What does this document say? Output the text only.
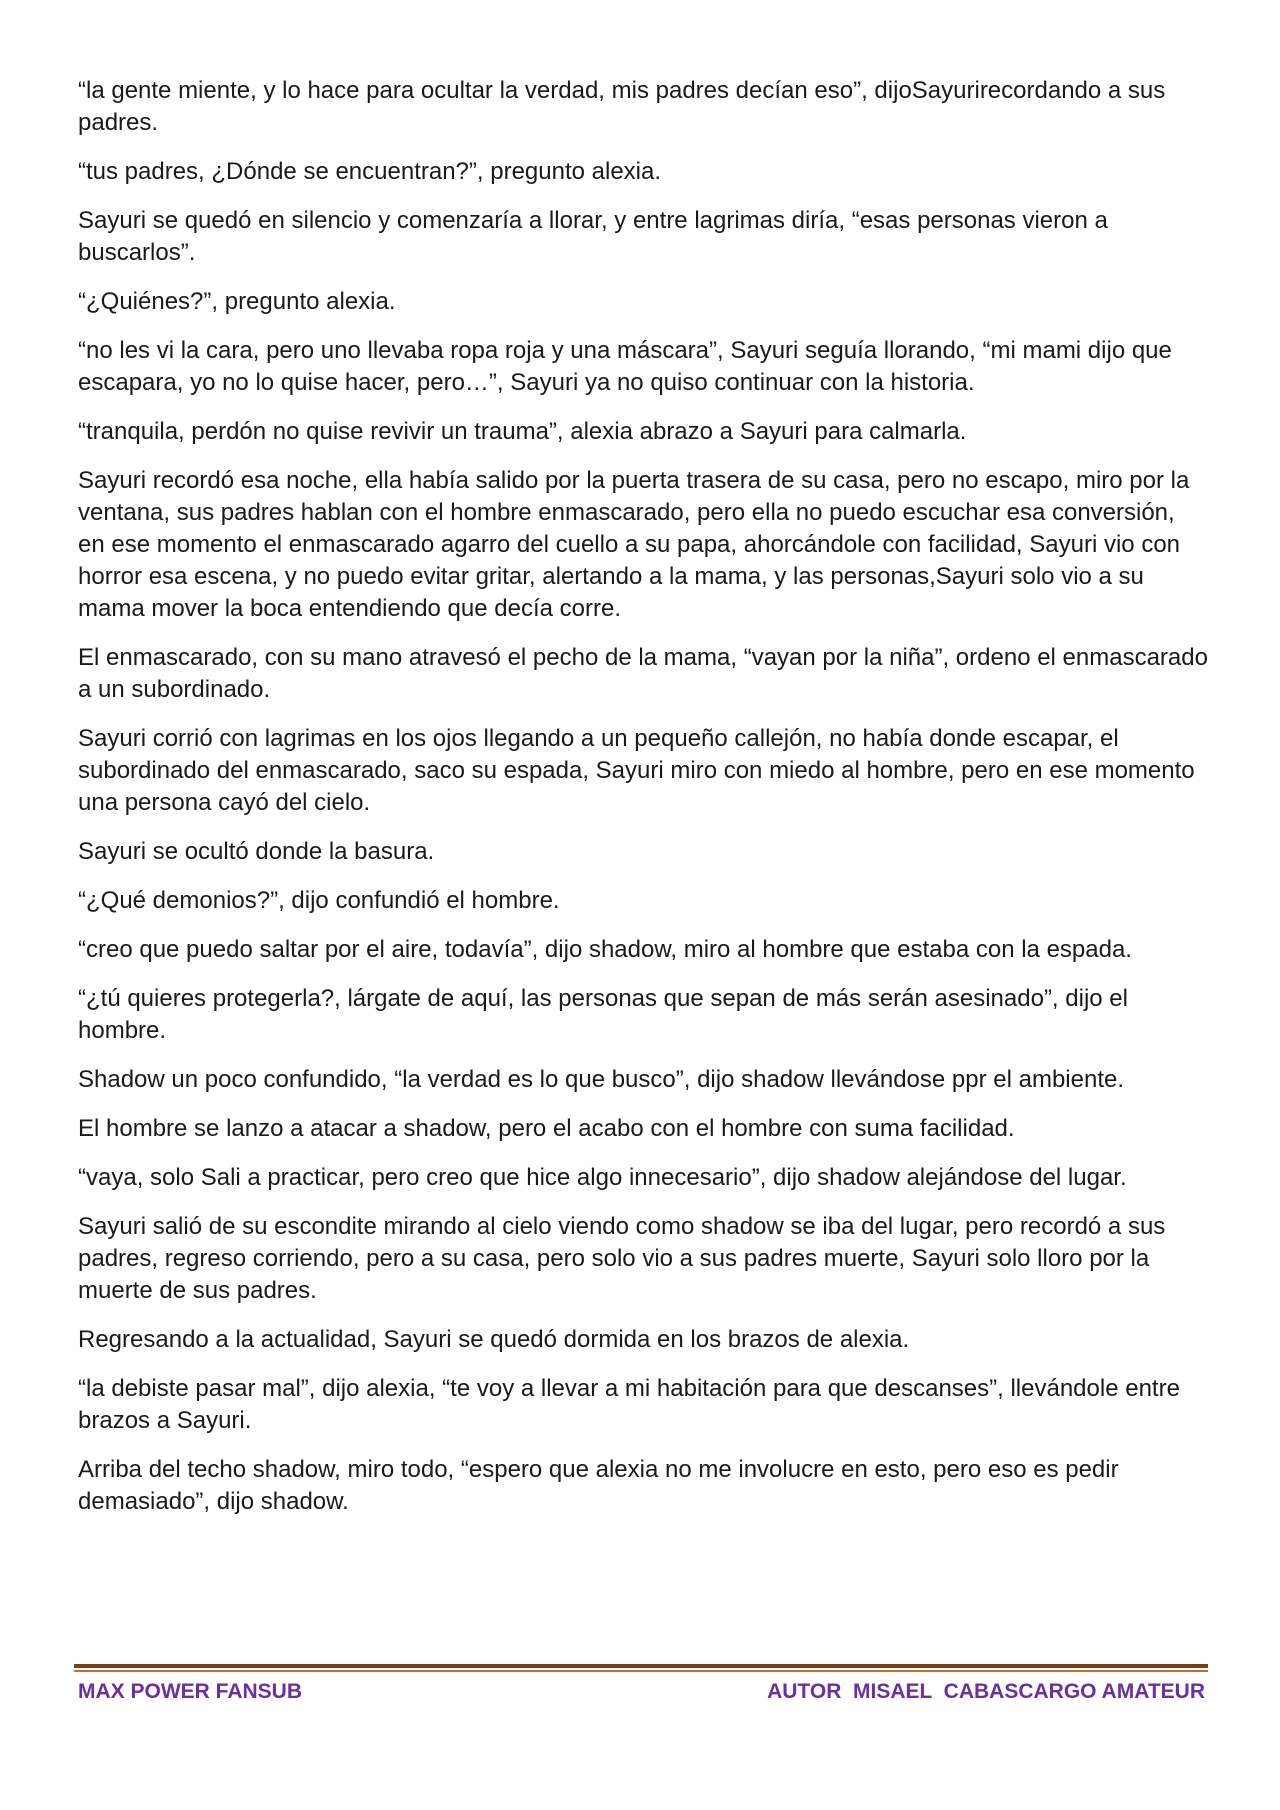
“la gente miente, y lo hace para ocultar la verdad, mis padres decían eso”, dijoSayurirecordando a sus padres.

“tus padres, ¿Dónde se encuentran?”, pregunto alexia.

Sayuri se quedó en silencio y comenzaría a llorar, y entre lagrimas diría, “esas personas vieron a buscarlos”.

“¿Quiénes?”, pregunto alexia.

“no les vi la cara, pero uno llevaba ropa roja y una máscara”, Sayuri seguía llorando, “mi mami dijo que escapara, yo no lo quise hacer, pero…”, Sayuri ya no quiso continuar con la historia.

“tranquila, perdón no quise revivir un trauma”, alexia abrazo a Sayuri para calmarla.

Sayuri recordó esa noche, ella había salido por la puerta trasera de su casa, pero no escapo, miro por la ventana, sus padres hablan con el hombre enmascarado, pero ella no puedo escuchar esa conversión, en ese momento el enmascarado agarro del cuello a su papa, ahorcándole con facilidad, Sayuri vio con horror esa escena, y no puedo evitar gritar, alertando a la mama, y las personas,Sayuri solo vio a su mama mover la boca entendiendo que decía corre.

El enmascarado, con su mano atravesó el pecho de la mama, “vayan por la niña”, ordeno el enmascarado a un subordinado.

Sayuri corrió con lagrimas en los ojos llegando a un pequeño callejón, no había donde escapar, el subordinado del enmascarado, saco su espada, Sayuri miro con miedo al hombre, pero en ese momento una persona cayó del cielo.

Sayuri se ocultó donde la basura.

“¿Qué demonios?”, dijo confundió el hombre.

“creo que puedo saltar por el aire, todavía”, dijo shadow, miro al hombre que estaba con la espada.

“¿tú quieres protegerla?, lárgate de aquí, las personas que sepan de más serán asesinado”, dijo el hombre.

Shadow un poco confundido, “la verdad es lo que busco”, dijo shadow llevándose ppr el ambiente.

El hombre se lanzo a atacar a shadow, pero el acabo con el hombre con suma facilidad.

“vaya, solo Sali a practicar, pero creo que hice algo innecesario”, dijo shadow alejándose del lugar.

Sayuri salió de su escondite mirando al cielo viendo como shadow se iba del lugar, pero recordó a sus padres, regreso corriendo, pero a su casa, pero solo vio a sus padres muerte, Sayuri solo lloro por la muerte de sus padres.

Regresando a la actualidad, Sayuri se quedó dormida en los brazos de alexia.

“la debiste pasar mal”, dijo alexia, “te voy a llevar a mi habitación para que descanses”, llevándole entre brazos a Sayuri.

Arriba del techo shadow, miro todo, “espero que alexia no me involucre en esto, pero eso es pedir demasiado”, dijo shadow.

MAX POWER FANSUB	AUTOR  MISAEL  CABASCARGO AMATEUR
